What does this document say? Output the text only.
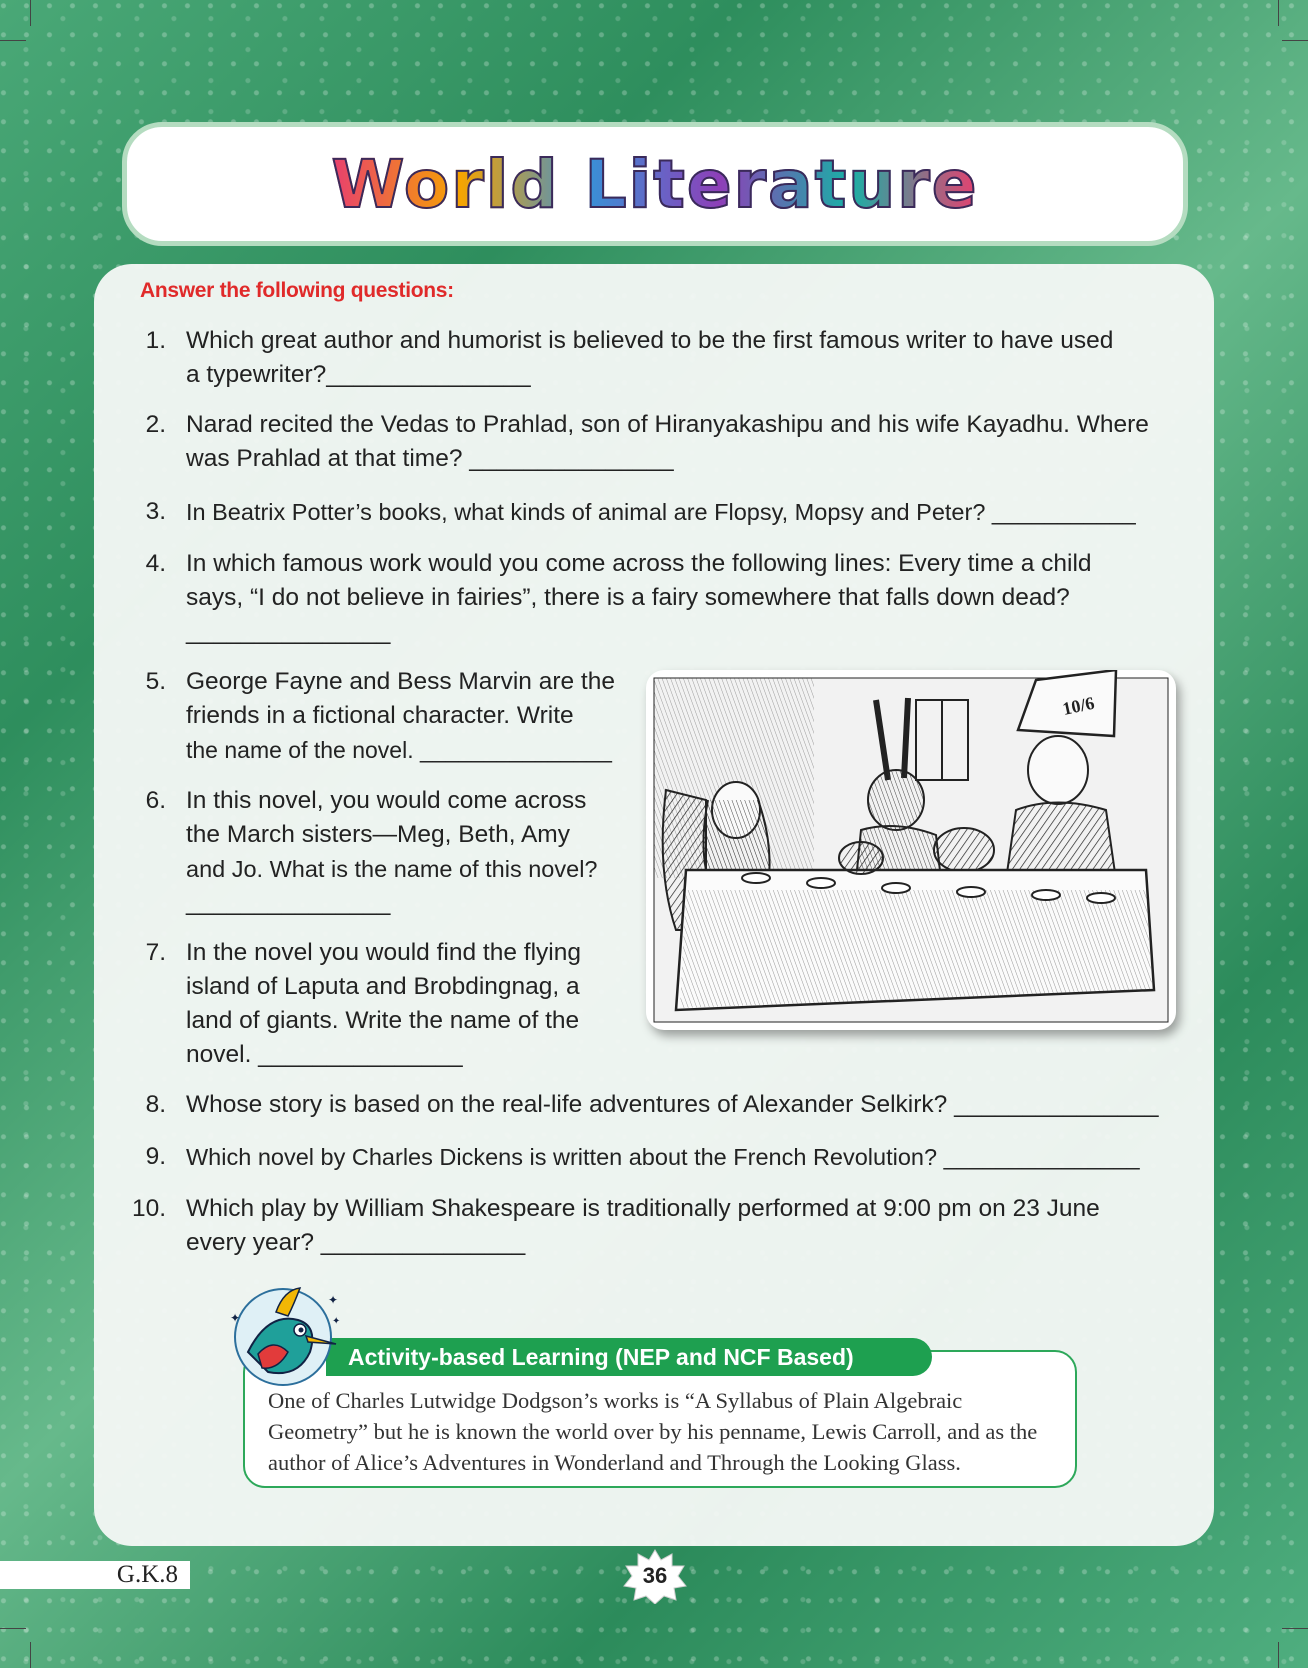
World Literature
Answer the following questions:
1. Which great author and humorist is believed to be the first famous writer to have used
a typewriter?_______________
2. Narad recited the Vedas to Prahlad, son of Hiranyakashipu and his wife Kayadhu. Where
was Prahlad at that time? _______________
3. In Beatrix Potter’s books, what kinds of animal are Flopsy, Mopsy and Peter? ___________
4. In which famous work would you come across the following lines: Every time a child
says, “I do not believe in fairies”, there is a fairy somewhere that falls down dead?
_______________
5. George Fayne and Bess Marvin are the
friends in a fictional character. Write
the name of the novel. _______________
6. In this novel, you would come across
the March sisters—Meg, Beth, Amy
and Jo. What is the name of this novel?
_______________
7. In the novel you would find the flying
island of Laputa and Brobdingnag, a
land of giants. Write the name of the
novel. _______________
8. Whose story is based on the real-life adventures of Alexander Selkirk? _______________
9. Which novel by Charles Dickens is written about the French Revolution? _______________
10. Which play by William Shakespeare is traditionally performed at 9:00 pm on 23 June
every year? _______________
10/6
Activity-based Learning (NEP and NCF Based)
One of Charles Lutwidge Dodgson’s works is “A Syllabus of Plain Algebraic Geometry” but he is known the world over by his penname, Lewis Carroll, and as the author of Alice’s Adventures in Wonderland and Through the Looking Glass.
✦
✦
✦
G.K.8	36
